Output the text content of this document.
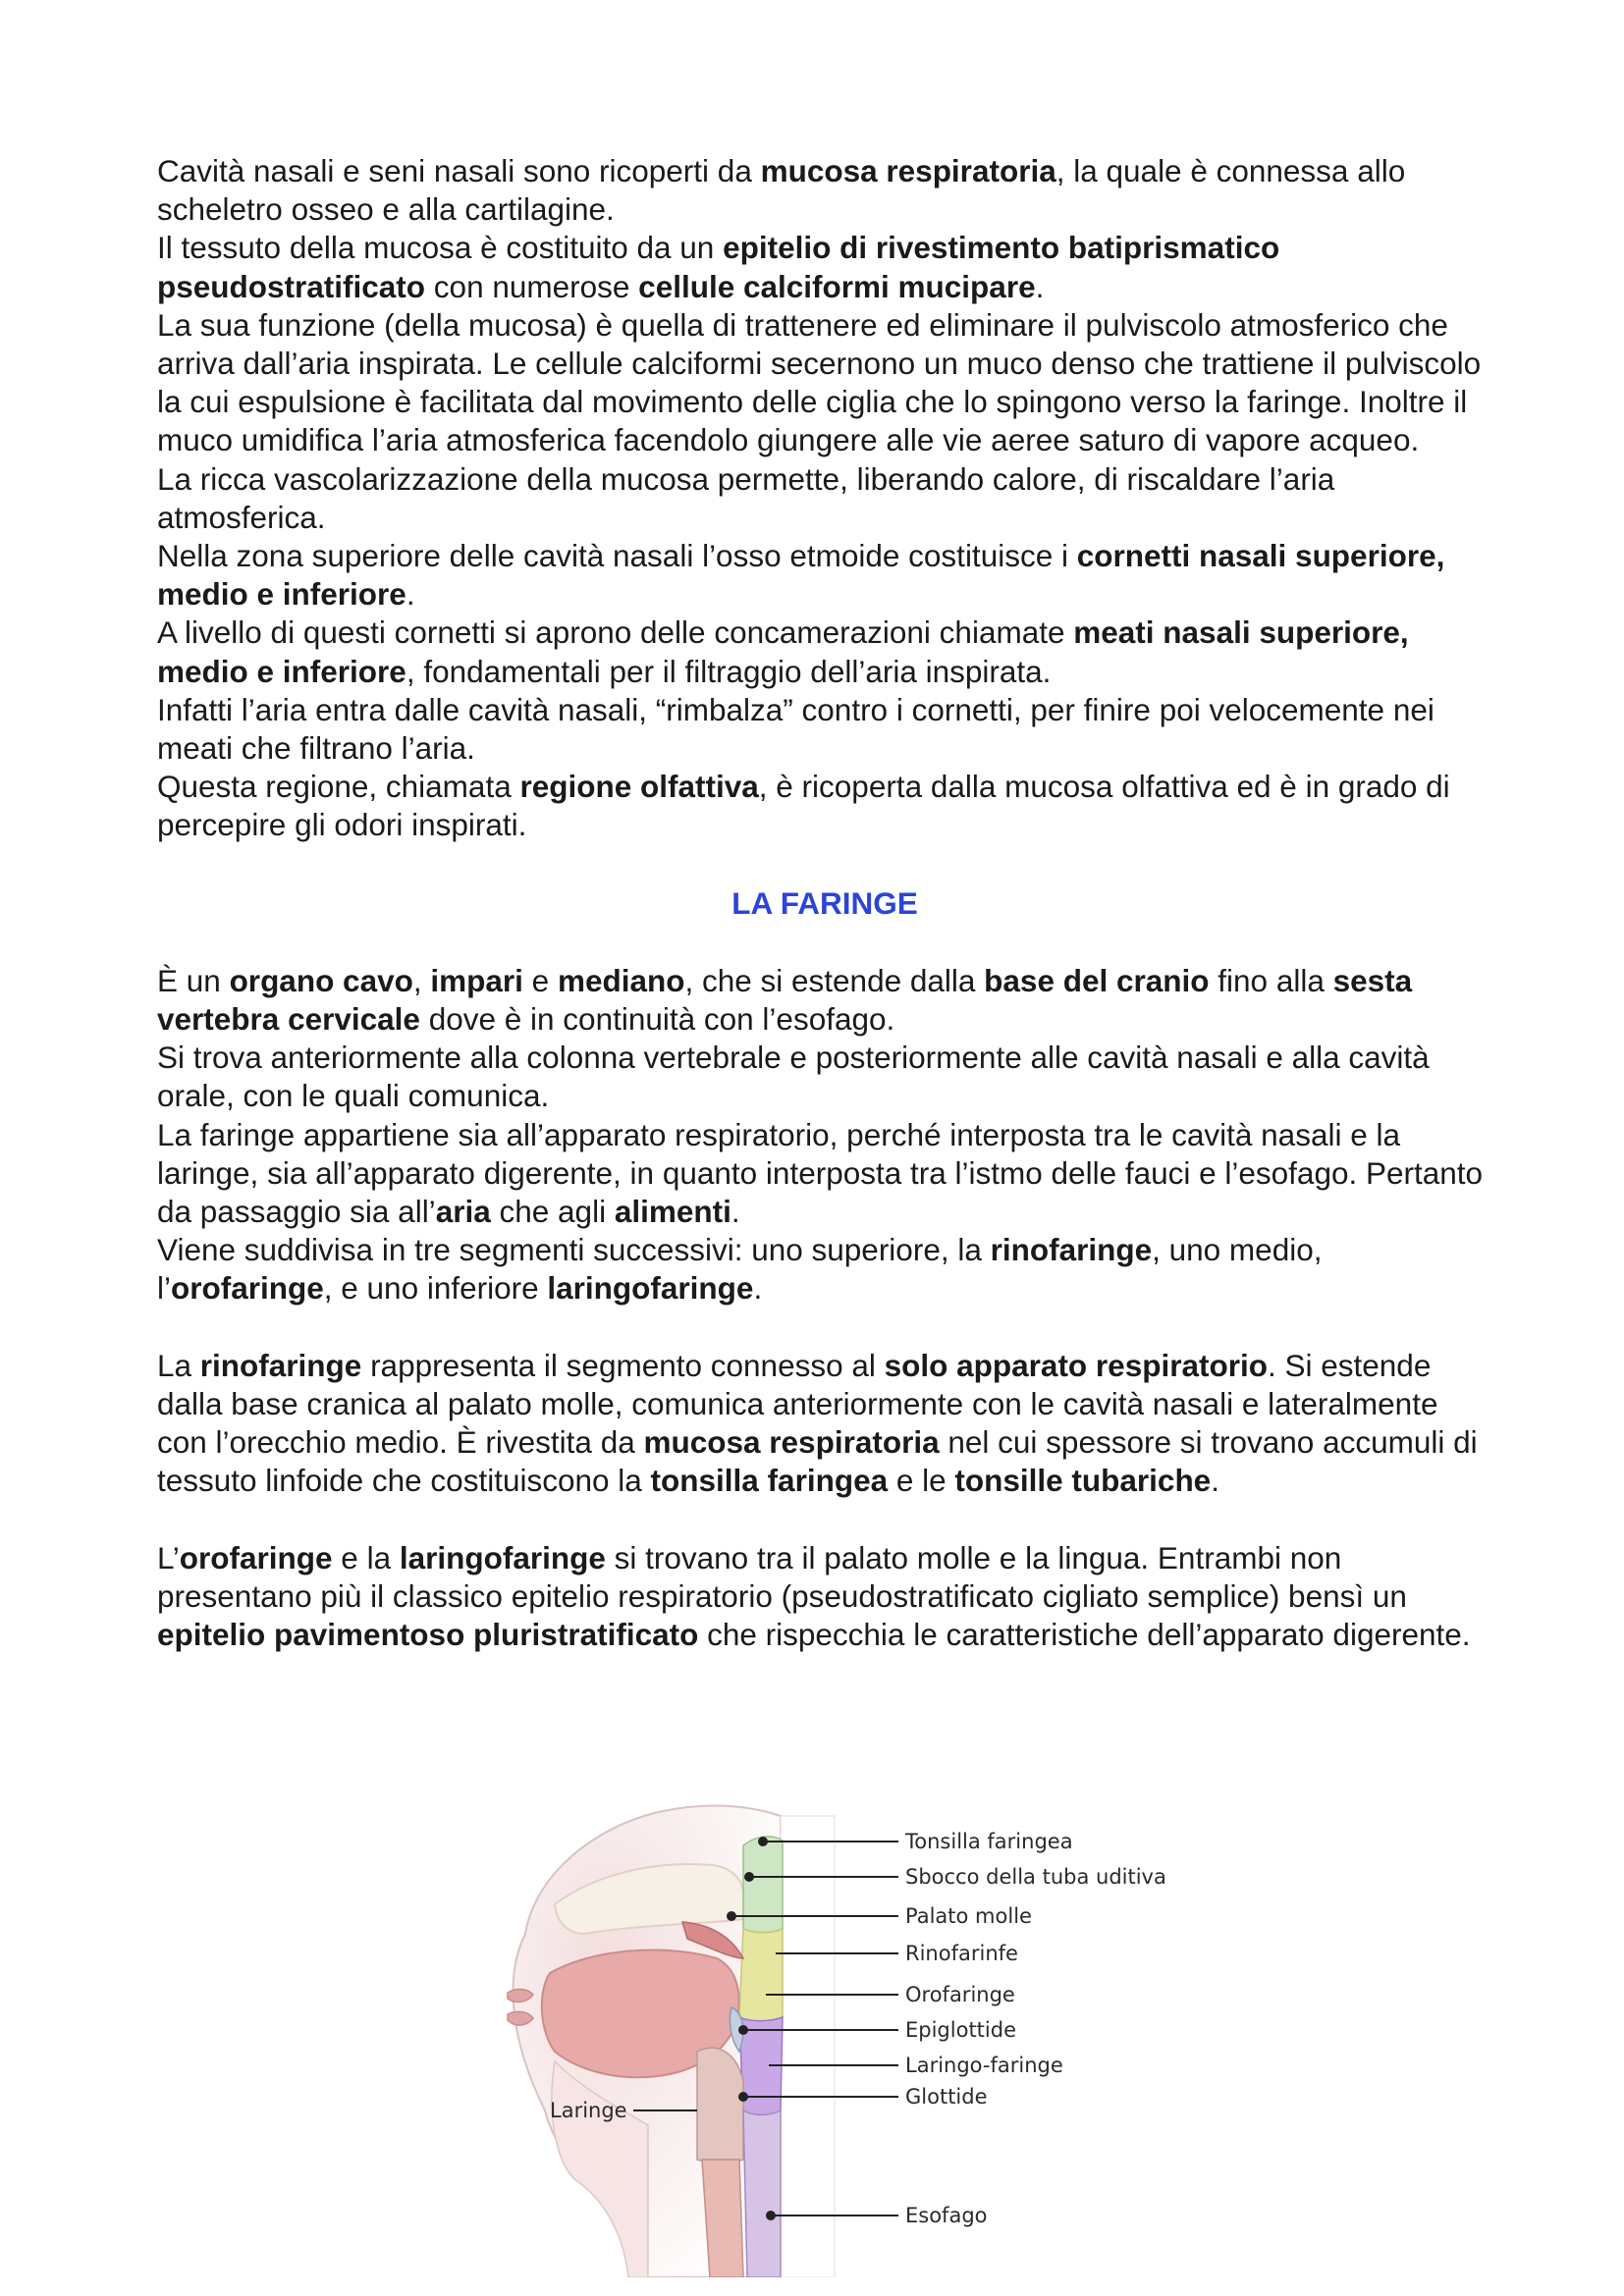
Cavità nasali e seni nasali sono ricoperti da mucosa respiratoria, la quale è connessa allo scheletro osseo e alla cartilagine.

Il tessuto della mucosa è costituito da un epitelio di rivestimento batiprismatico pseudostratificato con numerose cellule calciformi mucipare.

La sua funzione (della mucosa) è quella di trattenere ed eliminare il pulviscolo atmosferico che arriva dall’aria inspirata. Le cellule calciformi secernono un muco denso che trattiene il pulviscolo la cui espulsione è facilitata dal movimento delle ciglia che lo spingono verso la faringe. Inoltre il muco umidifica l’aria atmosferica facendolo giungere alle vie aeree saturo di vapore acqueo.

La ricca vascolarizzazione della mucosa permette, liberando calore, di riscaldare l’aria atmosferica.

Nella zona superiore delle cavità nasali l’osso etmoide costituisce i cornetti nasali superiore, medio e inferiore.

A livello di questi cornetti si aprono delle concamerazioni chiamate meati nasali superiore, medio e inferiore, fondamentali per il filtraggio dell’aria inspirata.

Infatti l’aria entra dalle cavità nasali, “rimbalza” contro i cornetti, per finire poi velocemente nei meati che filtrano l’aria.

Questa regione, chiamata regione olfattiva, è ricoperta dalla mucosa olfattiva ed è in grado di percepire gli odori inspirati.

LA FARINGE

È un organo cavo, impari e mediano, che si estende dalla base del cranio fino alla sesta vertebra cervicale dove è in continuità con l’esofago.

Si trova anteriormente alla colonna vertebrale e posteriormente alle cavità nasali e alla cavità orale, con le quali comunica.

La faringe appartiene sia all’apparato respiratorio, perché interposta tra le cavità nasali e la laringe, sia all’apparato digerente, in quanto interposta tra l’istmo delle fauci e l’esofago. Pertanto da passaggio sia all’aria che agli alimenti.

Viene suddivisa in tre segmenti successivi: uno superiore, la rinofaringe, uno medio, l’orofaringe, e uno inferiore laringofaringe.

La rinofaringe rappresenta il segmento connesso al solo apparato respiratorio. Si estende dalla base cranica al palato molle, comunica anteriormente con le cavità nasali e lateralmente con l’orecchio medio. È rivestita da mucosa respiratoria nel cui spessore si trovano accumuli di tessuto linfoide che costituiscono la tonsilla faringea e le tonsille tubariche.

L’orofaringe e la laringofaringe si trovano tra il palato molle e la lingua. Entrambi non presentano più il classico epitelio respiratorio (pseudostratificato cigliato semplice) bensì un epitelio pavimentoso pluristratificato che rispecchia le caratteristiche dell’apparato digerente.

Tonsilla faringea
Sbocco della tuba uditiva
Palato molle
Rinofarinfe
Orofaringe
Epiglottide
Laringo-faringe
Glottide
Esofago
Laringe
